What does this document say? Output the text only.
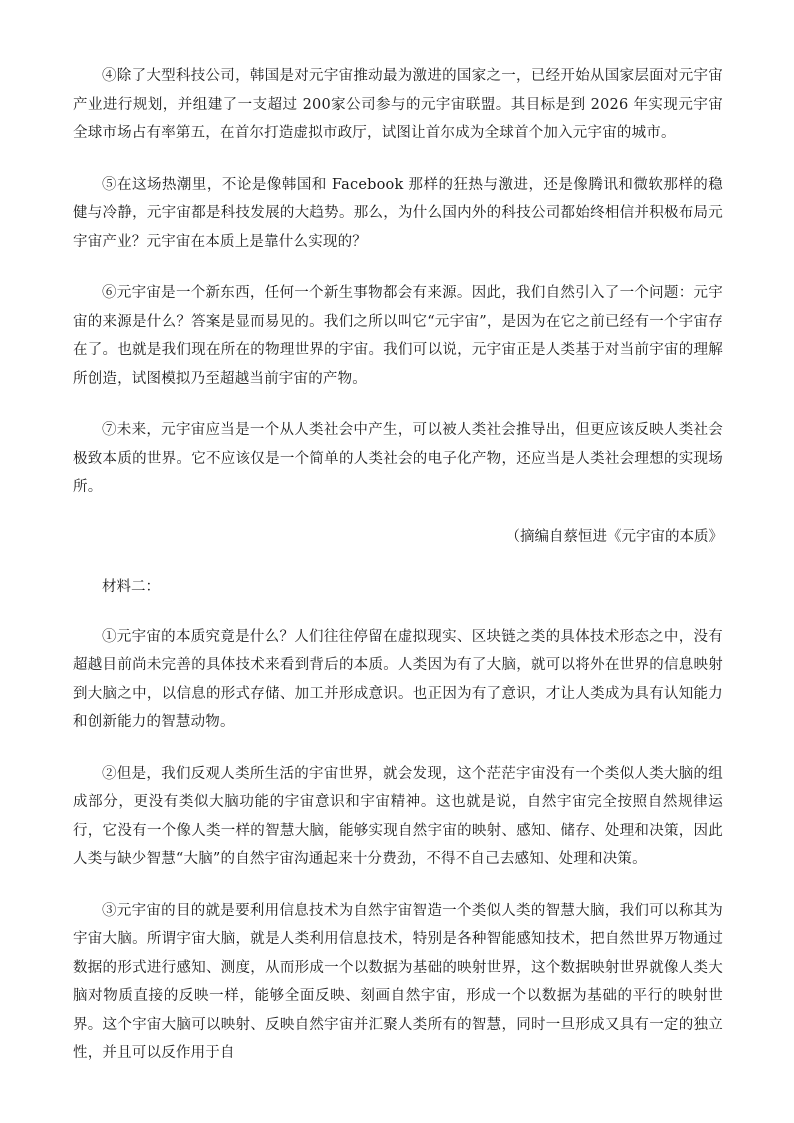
④除了大型科技公司，韩国是对元宇宙推动最为激进的国家之一，已经开始从国家层面对元宇宙产业进行规划，并组建了一支超过 200家公司参与的元宇宙联盟。其目标是到 2026 年实现元宇宙全球市场占有率第五，在首尔打造虚拟市政厅，试图让首尔成为全球首个加入元宇宙的城市。

⑤在这场热潮里，不论是像韩国和 Facebook 那样的狂热与激进，还是像腾讯和微软那样的稳健与冷静，元宇宙都是科技发展的大趋势。那么，为什么国内外的科技公司都始终相信并积极布局元宇宙产业？元宇宙在本质上是靠什么实现的？

⑥元宇宙是一个新东西，任何一个新生事物都会有来源。因此，我们自然引入了一个问题：元宇宙的来源是什么？答案是显而易见的。我们之所以叫它“元宇宙”，是因为在它之前已经有一个宇宙存在了。也就是我们现在所在的物理世界的宇宙。我们可以说，元宇宙正是人类基于对当前宇宙的理解所创造，试图模拟乃至超越当前宇宙的产物。

⑦未来，元宇宙应当是一个从人类社会中产生，可以被人类社会推导出，但更应该反映人类社会极致本质的世界。它不应该仅是一个简单的人类社会的电子化产物，还应当是人类社会理想的实现场所。

（摘编自蔡恒进《元宇宙的本质》

材料二：

①元宇宙的本质究竟是什么？人们往往停留在虚拟现实、区块链之类的具体技术形态之中，没有超越目前尚未完善的具体技术来看到背后的本质。人类因为有了大脑，就可以将外在世界的信息映射到大脑之中，以信息的形式存储、加工并形成意识。也正因为有了意识，才让人类成为具有认知能力和创新能力的智慧动物。

②但是，我们反观人类所生活的宇宙世界，就会发现，这个茫茫宇宙没有一个类似人类大脑的组成部分，更没有类似大脑功能的宇宙意识和宇宙精神。这也就是说，自然宇宙完全按照自然规律运行，它没有一个像人类一样的智慧大脑，能够实现自然宇宙的映射、感知、储存、处理和决策，因此人类与缺少智慧“大脑”的自然宇宙沟通起来十分费劲，不得不自己去感知、处理和决策。

③元宇宙的目的就是要利用信息技术为自然宇宙智造一个类似人类的智慧大脑，我们可以称其为宇宙大脑。所谓宇宙大脑，就是人类利用信息技术，特别是各种智能感知技术，把自然世界万物通过数据的形式进行感知、测度，从而形成一个以数据为基础的映射世界，这个数据映射世界就像人类大脑对物质直接的反映一样，能够全面反映、刻画自然宇宙，形成一个以数据为基础的平行的映射世界。这个宇宙大脑可以映射、反映自然宇宙并汇聚人类所有的智慧，同时一旦形成又具有一定的独立性，并且可以反作用于自
